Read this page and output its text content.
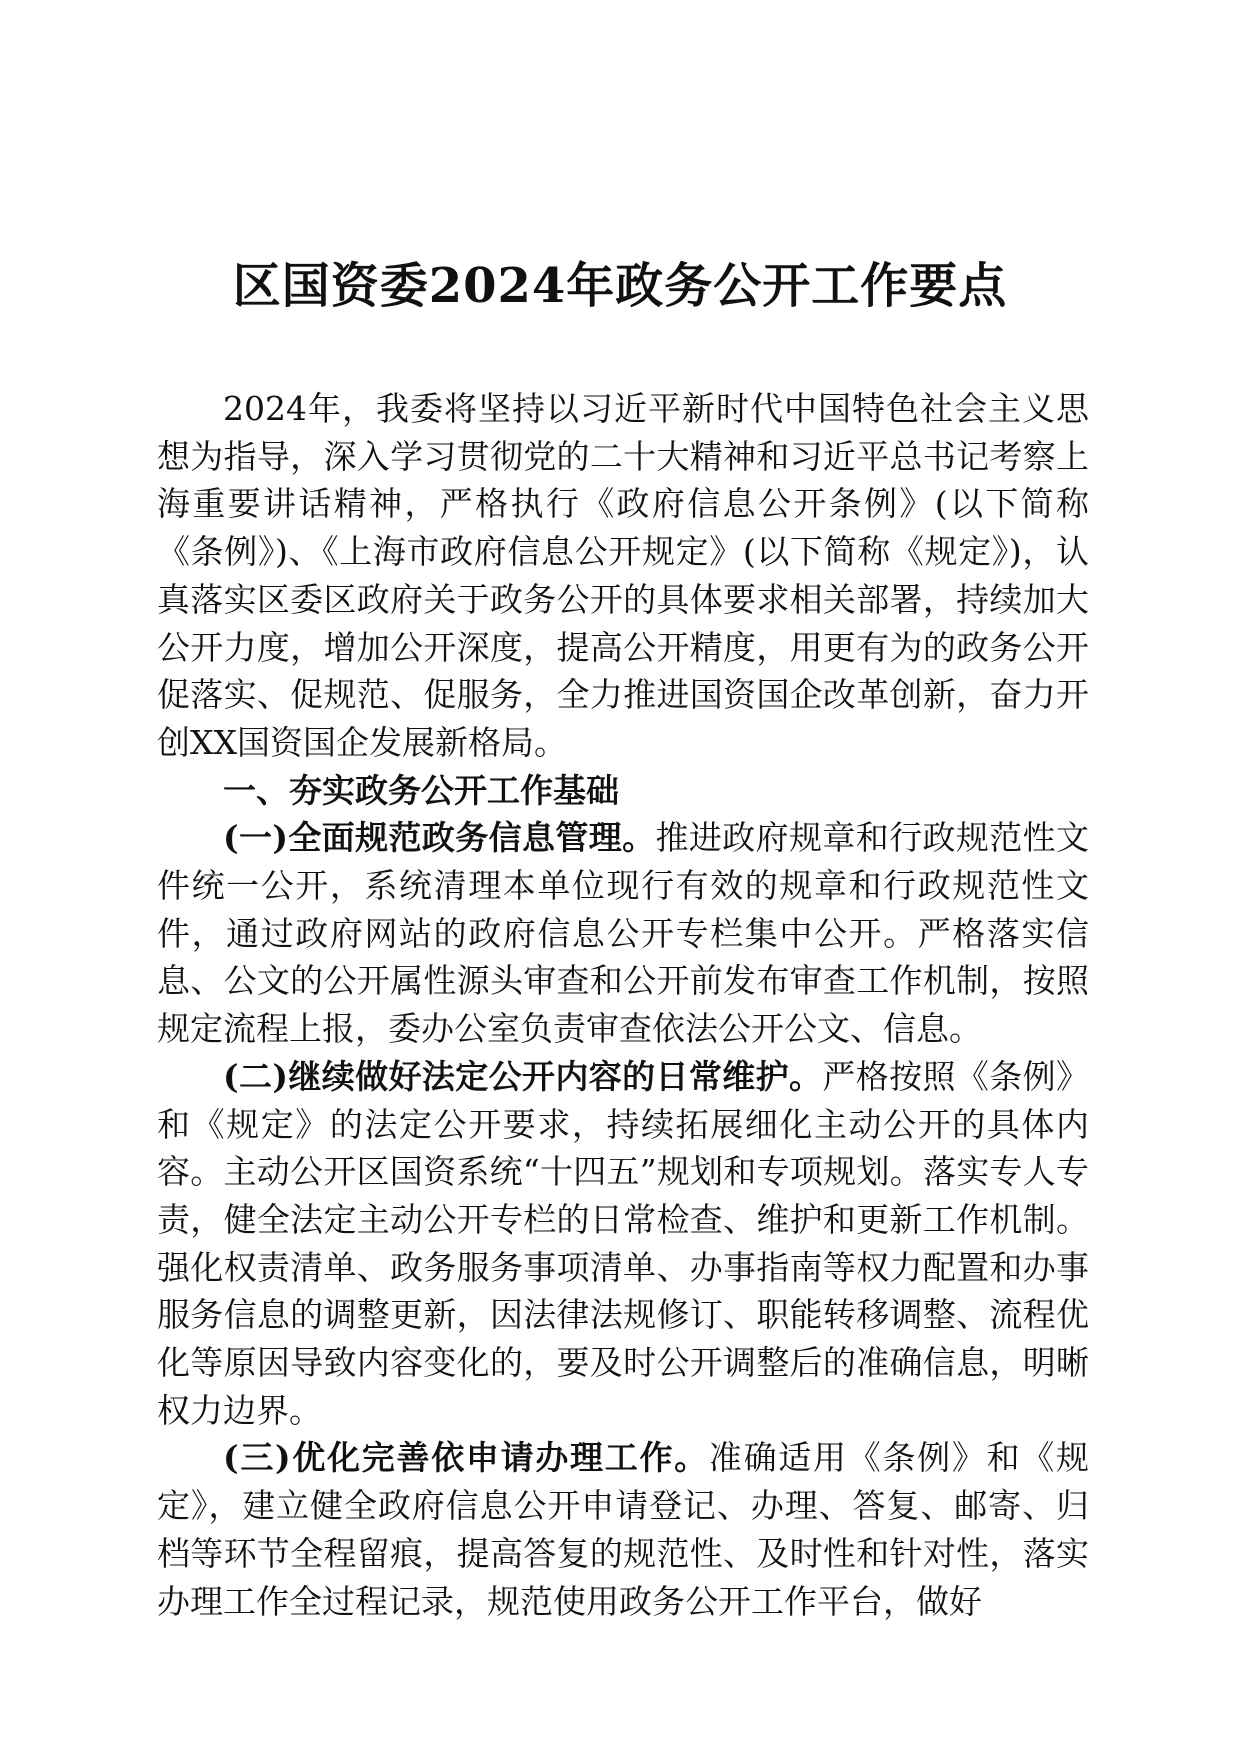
区国资委2024年政务公开工作要点

2024年，我委将坚持以习近平新时代中国特色社会主义思想为指导，深入学习贯彻党的二十大精神和习近平总书记考察上海重要讲话精神，严格执行《政府信息公开条例》(以下简称《条例》)、《上海市政府信息公开规定》(以下简称《规定》)，认真落实区委区政府关于政务公开的具体要求相关部署，持续加大公开力度，增加公开深度，提高公开精度，用更有为的政务公开促落实、促规范、促服务，全力推进国资国企改革创新，奋力开创XX国资国企发展新格局。

一、夯实政务公开工作基础

(一)全面规范政务信息管理。推进政府规章和行政规范性文件统一公开，系统清理本单位现行有效的规章和行政规范性文件，通过政府网站的政府信息公开专栏集中公开。严格落实信息、公文的公开属性源头审查和公开前发布审查工作机制，按照规定流程上报，委办公室负责审查依法公开公文、信息。

(二)继续做好法定公开内容的日常维护。严格按照《条例》和《规定》的法定公开要求，持续拓展细化主动公开的具体内容。主动公开区国资系统“十四五”规划和专项规划。落实专人专责，健全法定主动公开专栏的日常检查、维护和更新工作机制。强化权责清单、政务服务事项清单、办事指南等权力配置和办事服务信息的调整更新，因法律法规修订、职能转移调整、流程优化等原因导致内容变化的，要及时公开调整后的准确信息，明晰权力边界。

(三)优化完善依申请办理工作。准确适用《条例》和《规定》，建立健全政府信息公开申请登记、办理、答复、邮寄、归档等环节全程留痕，提高答复的规范性、及时性和针对性，落实办理工作全过程记录，规范使用政务公开工作平台，做好
